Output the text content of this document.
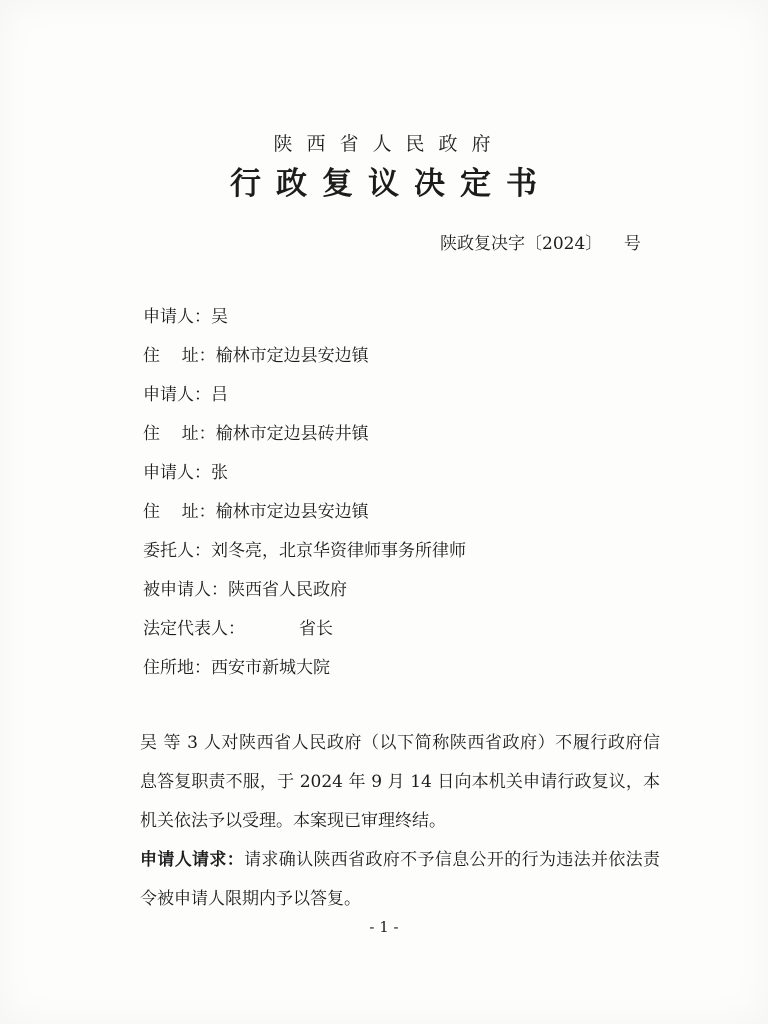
陕西省人民政府
行政复议决定书
陕政复决字〔2024〕    号
申请人：吴
住    址：榆林市定边县安边镇
申请人：吕
住    址：榆林市定边县砖井镇
申请人：张
住    址：榆林市定边县安边镇
委托人：刘冬亮，北京华资律师事务所律师
被申请人：陕西省人民政府
法定代表人：          省长
住所地：西安市新城大院

吴 等 3 人对陕西省人民政府（以下简称陕西省政府）不履行政府信息答复职责不服，于 2024 年 9 月 14 日向本机关申请行政复议，本机关依法予以受理。本案现已审理终结。

申请人请求：请求确认陕西省政府不予信息公开的行为违法并依法责令被申请人限期内予以答复。

- 1 -
